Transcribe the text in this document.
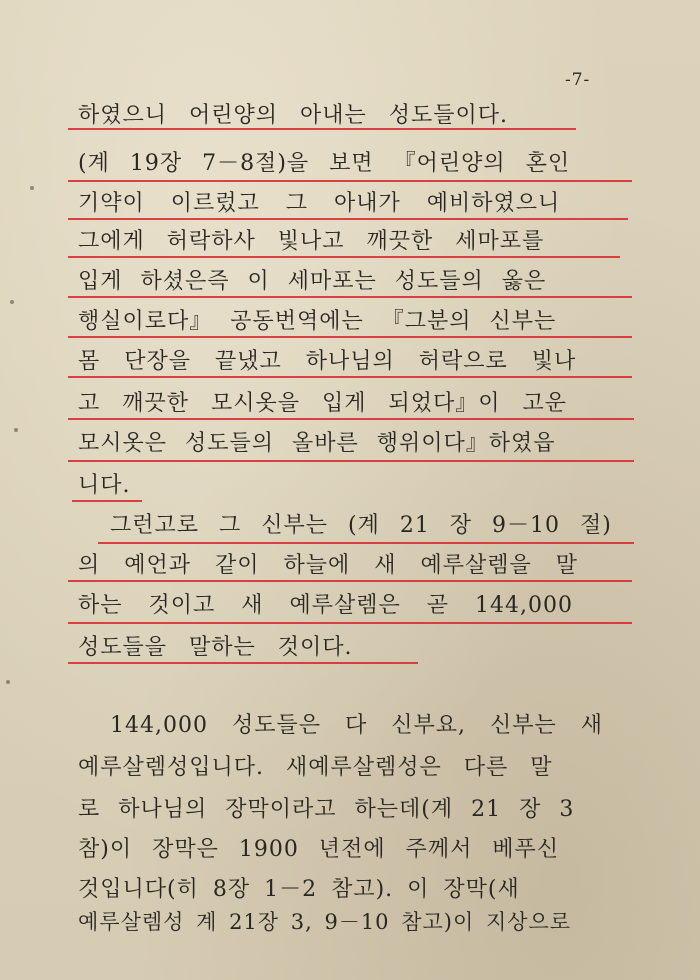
-7-
하였으니 어린양의 아내는 성도들이다.
(계 19장 7－8절)을 보면 『어린양의 혼인
기약이 이르렀고 그 아내가 예비하였으니
그에게 허락하사 빛나고 깨끗한 세마포를
입게 하셨은즉 이 세마포는 성도들의 옳은
행실이로다』 공동번역에는 『그분의 신부는
몸 단장을 끝냈고 하나님의 허락으로 빛나
고 깨끗한 모시옷을 입게 되었다』이 고운
모시옷은 성도들의 올바른 행위이다』하였읍
니다.
그런고로 그 신부는 (계 21 장 9－10 절)
의 예언과 같이 하늘에 새 예루살렘을 말
하는 것이고 새 예루살렘은 곧 144,000
성도들을 말하는 것이다.
144,000 성도들은 다 신부요, 신부는 새
예루살렘성입니다. 새예루살렘성은 다른 말
로 하나님의 장막이라고 하는데(계 21 장 3
참)이 장막은 1900 년전에 주께서 베푸신
것입니다(히 8장 1－2 참고). 이 장막(새
예루살렘성 계 21장 3, 9－10 참고)이 지상으로
